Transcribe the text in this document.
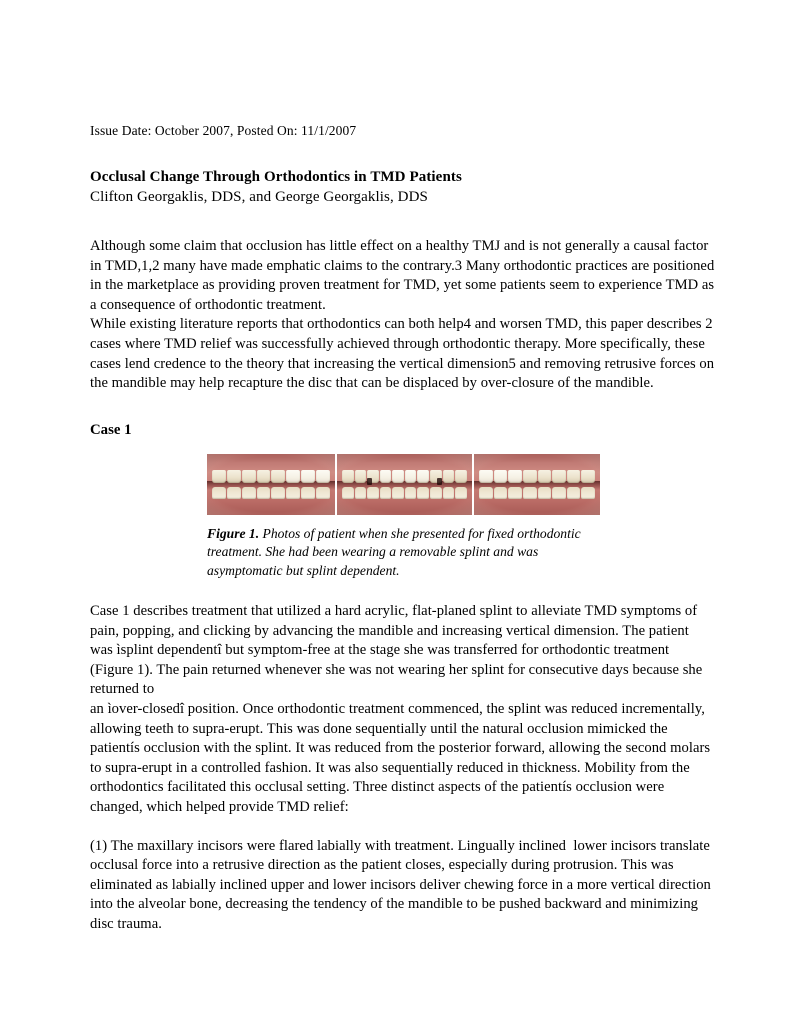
Issue Date: October 2007, Posted On: 11/1/2007
Occlusal Change Through Orthodontics in TMD Patients
Clifton Georgaklis, DDS, and George Georgaklis, DDS
Although some claim that occlusion has little effect on a healthy TMJ and is not generally a causal factor in TMD,1,2 many have made emphatic claims to the contrary.3 Many orthodontic practices are positioned in the marketplace as providing proven treatment for TMD, yet some patients seem to experience TMD as a consequence of orthodontic treatment.
While existing literature reports that orthodontics can both help4 and worsen TMD, this paper describes 2 cases where TMD relief was successfully achieved through orthodontic therapy. More specifically, these cases lend credence to the theory that increasing the vertical dimension5 and removing retrusive forces on the mandible may help recapture the disc that can be displaced by over-closure of the mandible.
Case 1
Figure 1. Photos of patient when she presented for fixed orthodontic treatment. She had been wearing a removable splint and was asymptomatic but splint dependent.
Case 1 describes treatment that utilized a hard acrylic, flat-planed splint to alleviate TMD symptoms of pain, popping, and clicking by advancing the mandible and increasing vertical dimension. The patient was ìsplint dependentî but symptom-free at the stage she was transferred for orthodontic treatment (Figure 1). The pain returned whenever she was not wearing her splint for consecutive days because she returned to
an ìover-closedî position. Once orthodontic treatment commenced, the splint was reduced incrementally, allowing teeth to supra-erupt. This was done sequentially until the natural occlusion mimicked the patientís occlusion with the splint. It was reduced from the posterior forward, allowing the second molars to supra-erupt in a controlled fashion. It was also sequentially reduced in thickness. Mobility from the orthodontics facilitated this occlusal setting. Three distinct aspects of the patientís occlusion were changed, which helped provide TMD relief:
(1) The maxillary incisors were flared labially with treatment. Lingually inclined  lower incisors translate occlusal force into a retrusive direction as the patient closes, especially during protrusion. This was eliminated as labially inclined upper and lower incisors deliver chewing force in a more vertical direction into the alveolar bone, decreasing the tendency of the mandible to be pushed backward and minimizing disc trauma.
